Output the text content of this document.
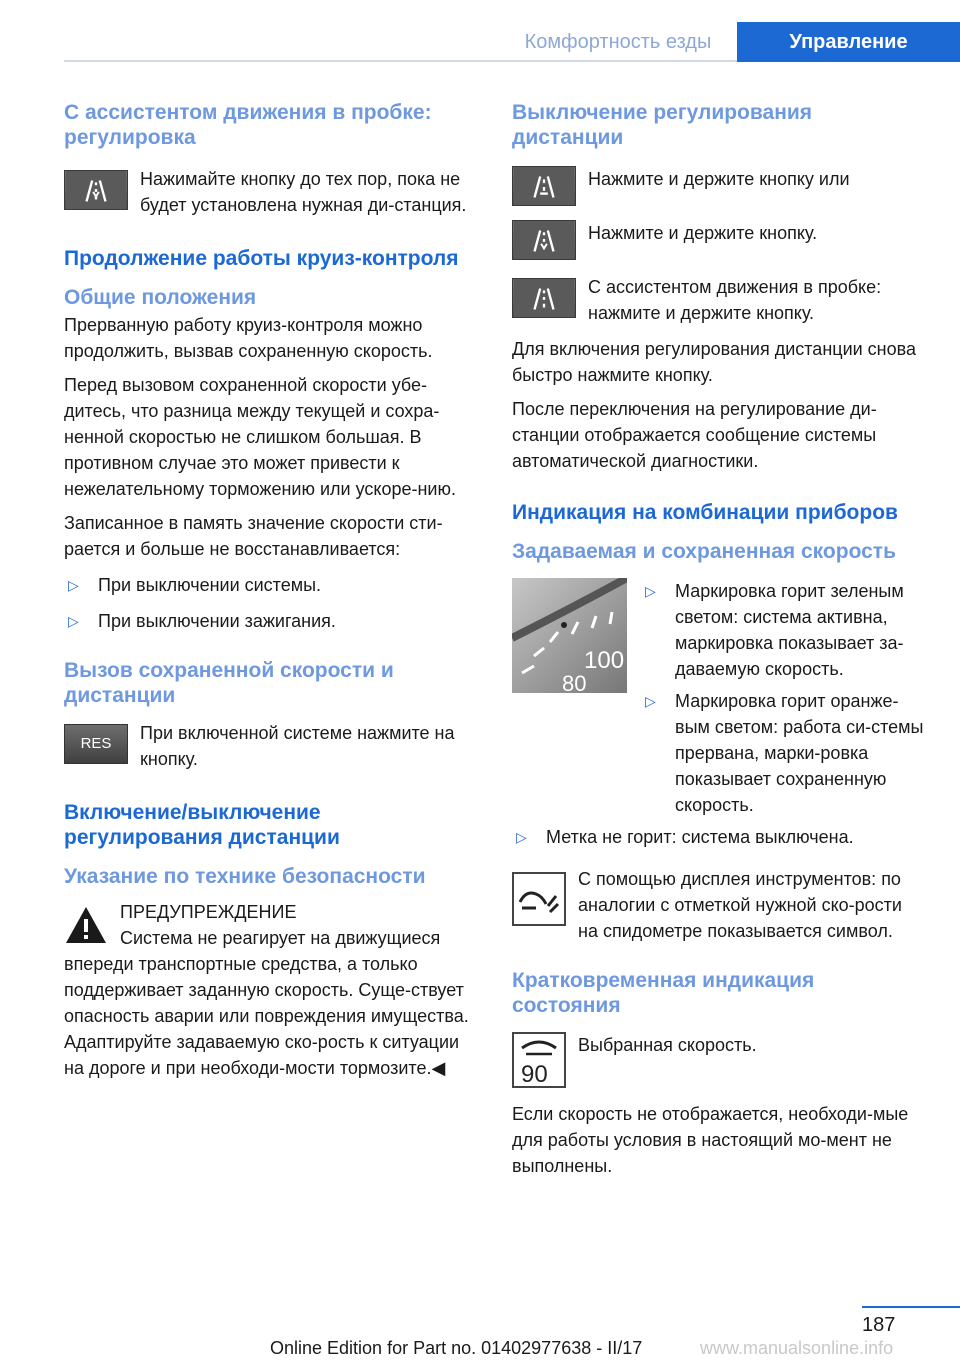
Комфортность езды	Управление
С ассистентом движения в пробке: регулировка

Нажимайте кнопку до тех пор, пока не будет установлена нужная ди-станция.

Продолжение работы круиз-контроля
Общие положения

Прерванную работу круиз-контроля можно продолжить, вызвав сохраненную скорость.

Перед вызовом сохраненной скорости убе-дитесь, что разница между текущей и сохра-ненной скоростью не слишком большая. В противном случае это может привести к нежелательному торможению или ускоре-нию.

Записанное в память значение скорости сти-рается и больше не восстанавливается:

▷ При выключении системы.
▷ При выключении зажигания.
Вызов сохраненной скорости и дистанции
RES

При включенной системе нажмите на кнопку.

Включение/выключение регулирования дистанции
Указание по технике безопасности

ПРЕДУПРЕЖДЕНИЕ

Система не реагирует на движущиеся впереди транспортные средства, а только поддерживает заданную скорость. Суще-ствует опасность аварии или повреждения имущества. Адаптируйте задаваемую ско-рость к ситуации на дороге и при необходи-мости тормозите.◀

Выключение регулирования дистанции

Нажмите и держите кнопку или

Нажмите и держите кнопку.

С ассистентом движения в пробке: нажмите и держите кнопку.

Для включения регулирования дистанции снова быстро нажмите кнопку.

После переключения на регулирование ди-станции отображается сообщение системы автоматической диагностики.

Индикация на комбинации приборов
Задаваемая и сохраненная скорость
100
80
▷ Маркировка горит зеленым светом: система активна, маркировка показывает за-даваемую скорость.
▷ Маркировка горит оранже-вым светом: работа си-стемы прервана, марки-ровка показывает сохраненную скорость.
▷ Метка не горит: система выключена.

С помощью дисплея инструментов: по аналогии с отметкой нужной ско-рости на спидометре показывается символ.

Кратковременная индикация состояния
90

Выбранная скорость.

Если скорость не отображается, необходи-мые для работы условия в настоящий мо-мент не выполнены.

187
Online Edition for Part no. 01402977638 - II/17	www.manualsonline.info
